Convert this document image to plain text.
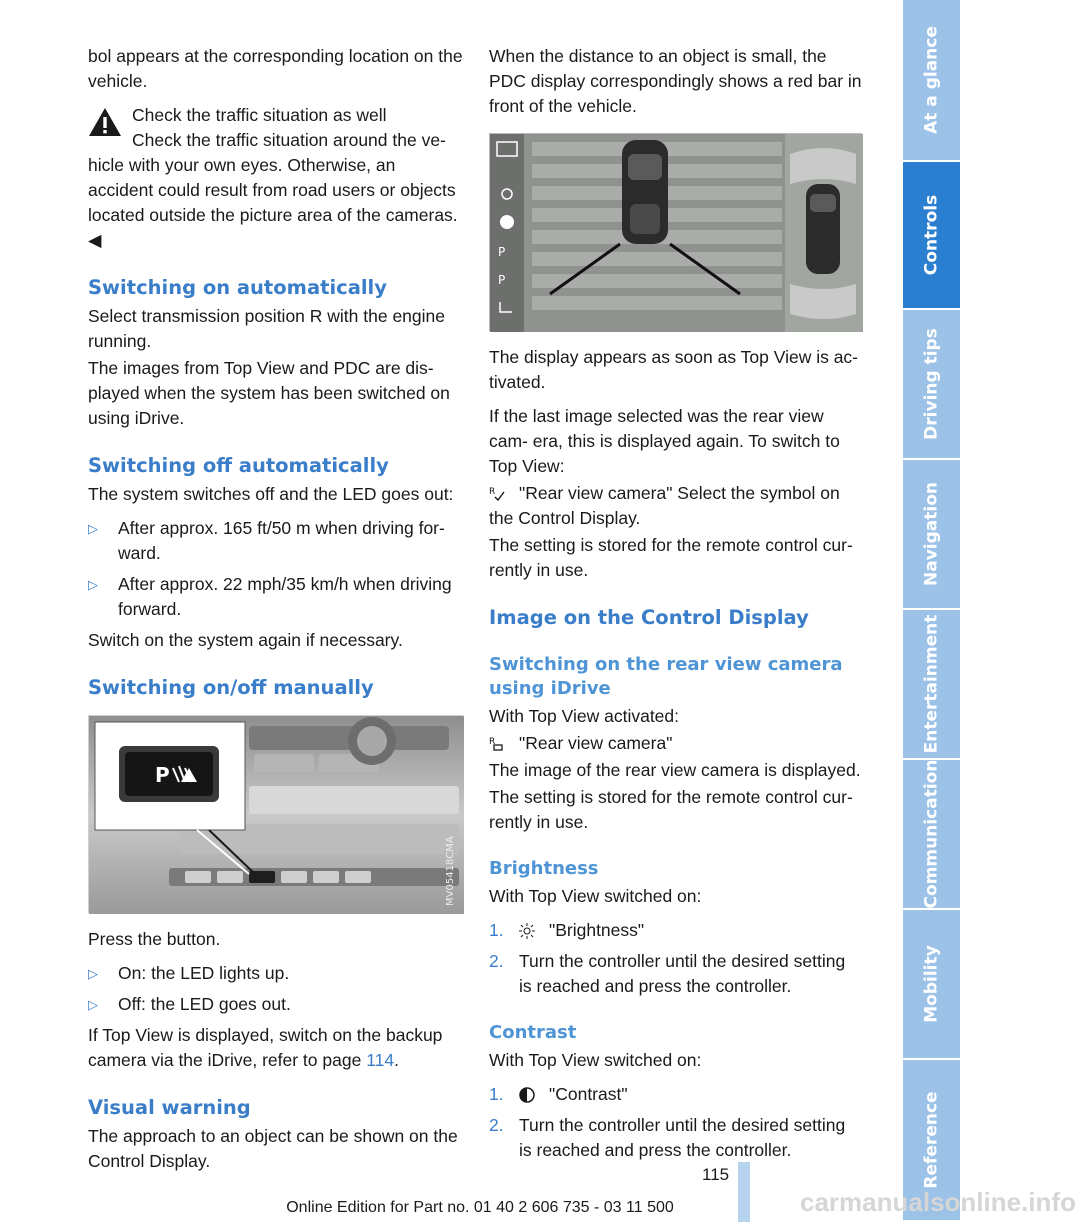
bol appears at the corresponding location on the vehicle.

Check the traffic situation as well
Check the traffic situation around the ve-
hicle with your own eyes. Otherwise, an accident could result from road users or objects located outside the picture area of the cameras. ◀
Switching on automatically

Select transmission position R with the engine running.

The images from Top View and PDC are dis- played when the system has been switched on using iDrive.

Switching off automatically

The system switches off and the LED goes out:

▷ After approx. 165 ft/50 m when driving for- ward.
▷ After approx. 22 mph/35 km/h when driving forward.

Switch on the system again if necessary.

Switching on/off manually
P
MV05418CMA

Press the button.

▷ On: the LED lights up.
▷ Off: the LED goes out.

If Top View is displayed, switch on the backup camera via the iDrive, refer to page 114.

Visual warning

The approach to an object can be shown on the Control Display.

When the distance to an object is small, the PDC display correspondingly shows a red bar in front of the vehicle.

P
P

The display appears as soon as Top View is ac- tivated.

If the last image selected was the rear view cam- era, this is displayed again. To switch to Top View:

R "Rear view camera" Select the symbol on the Control Display.

The setting is stored for the remote control cur- rently in use.

Image on the Control Display
Switching on the rear view camera using iDrive

With Top View activated:

R "Rear view camera"

The image of the rear view camera is displayed.

The setting is stored for the remote control cur- rently in use.

Brightness

With Top View switched on:

1.	"Brightness"
2. Turn the controller until the desired setting is reached and press the controller.
Contrast

With Top View switched on:

1.	"Contrast"
2. Turn the controller until the desired setting is reached and press the controller.
At a glance
Controls
Driving tips
Navigation
Entertainment
Communication
Mobility
Reference
115
Online Edition for Part no. 01 40 2 606 735 - 03 11 500	carmanualsonline.info
